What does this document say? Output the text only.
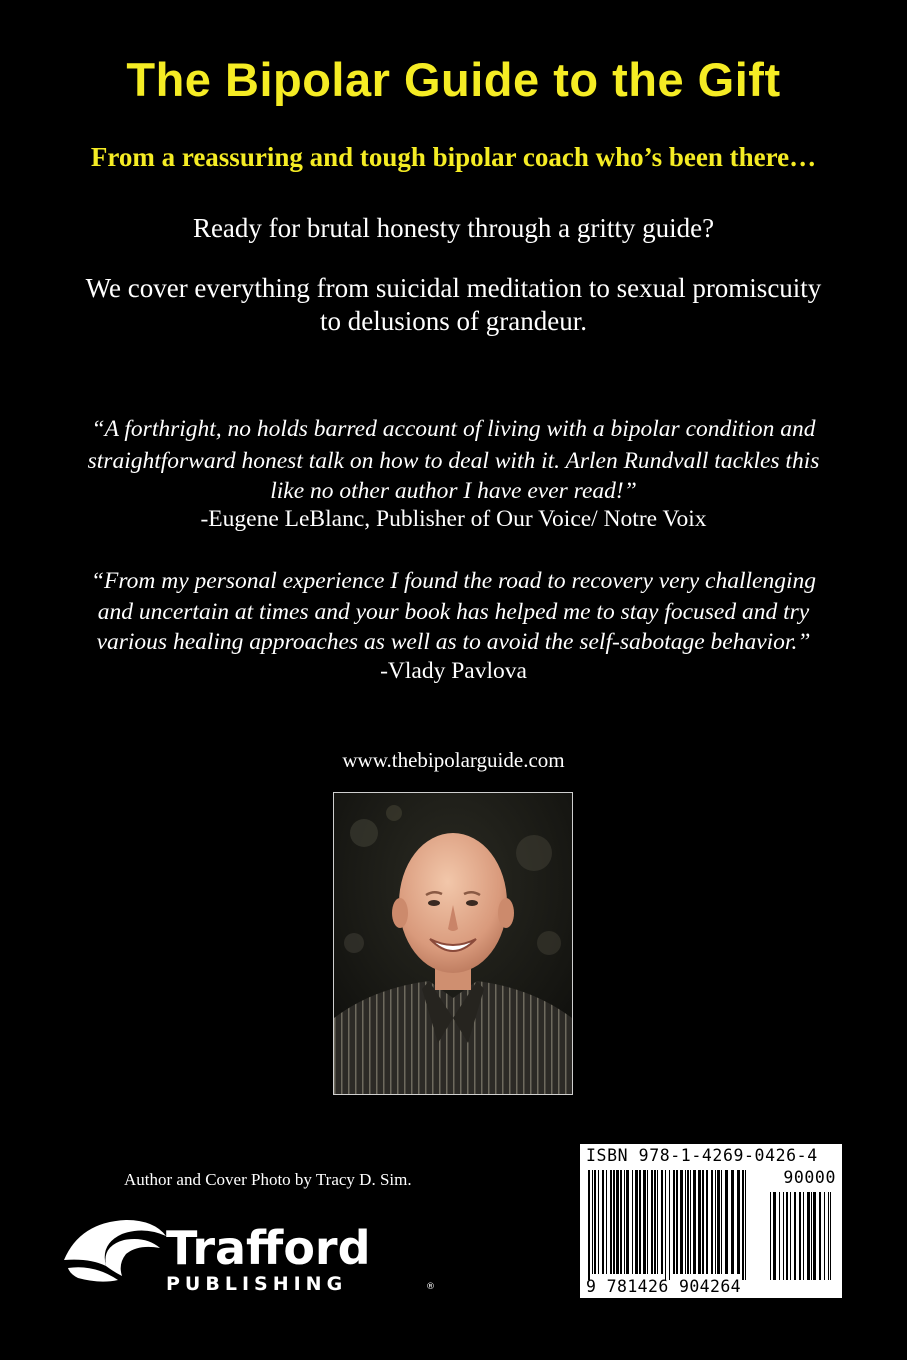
The Bipolar Guide to the Gift
From a reassuring and tough bipolar coach who’s been there…
Ready for brutal honesty through a gritty guide?
We cover everything from suicidal meditation to sexual promiscuity
to delusions of grandeur.
“A forthright, no holds barred account of living with a bipolar condition and
straightforward honest talk on how to deal with it. Arlen Rundvall tackles this
like no other author I have ever read!”
-Eugene LeBlanc, Publisher of Our Voice/ Notre Voix
“From my personal experience I found the road to recovery very challenging
and uncertain at times and your book has helped me to stay focused and try
various healing approaches as well as to avoid the self-sabotage behavior.”
-Vlady Pavlova
www.thebipolarguide.com
Author and Cover Photo by Tracy D. Sim.
Trafford
PUBLISHING	®
ISBN 978-1-4269-0426-4
90000
9 781426 904264
